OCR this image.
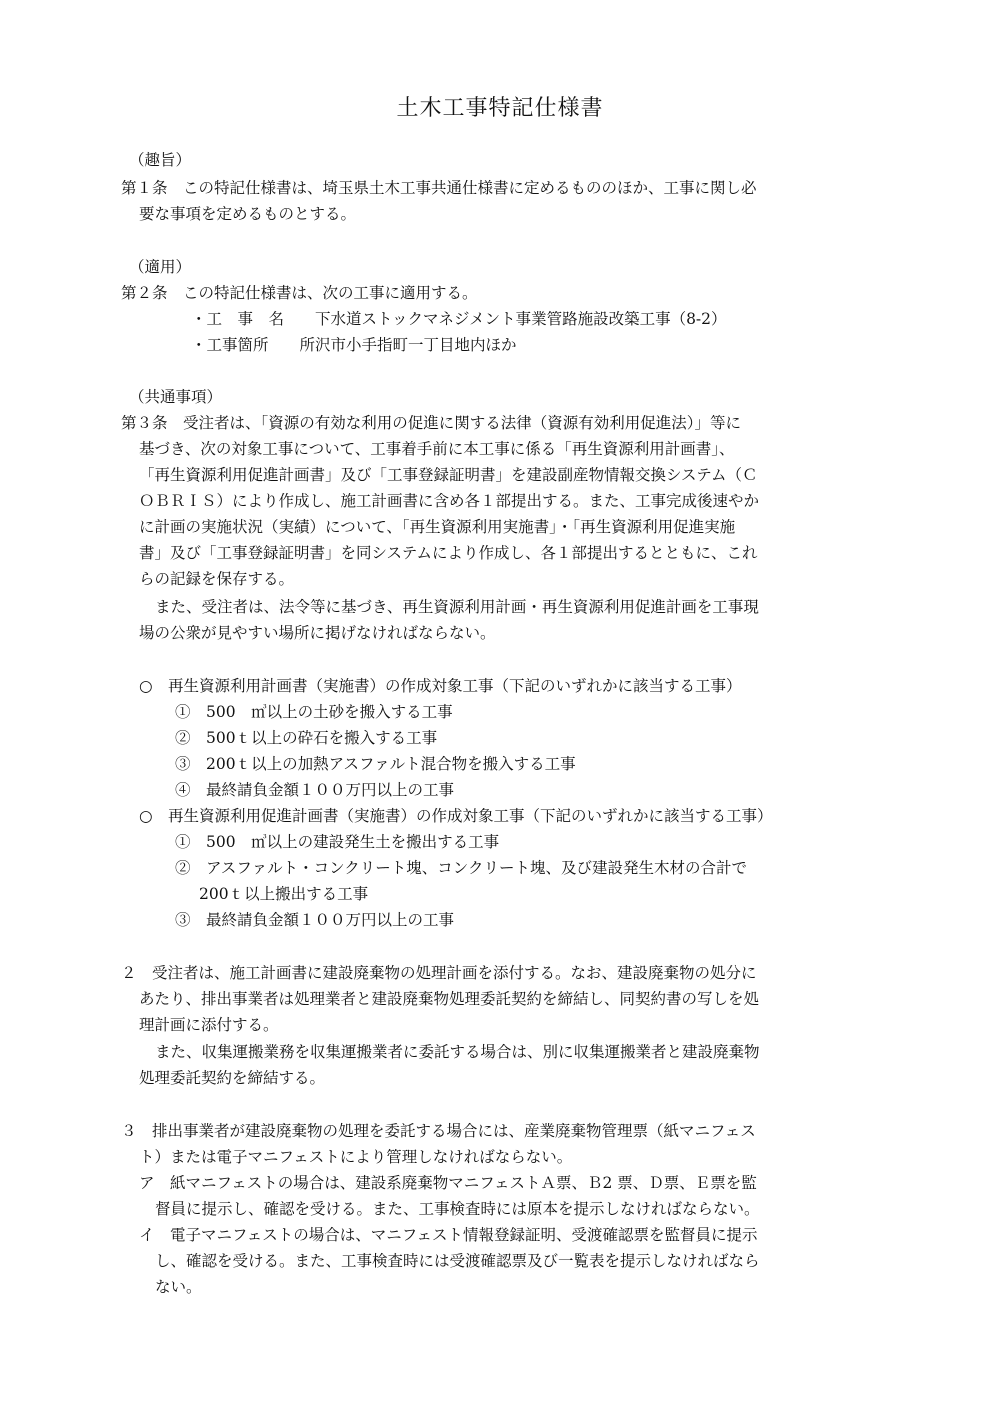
土木工事特記仕様書
（趣旨）
第１条　この特記仕様書は、埼玉県土木工事共通仕様書に定めるもののほか、工事に関し必
要な事項を定めるものとする。
（適用）
第２条　この特記仕様書は、次の工事に適用する。
・工　事　名　　下水道ストックマネジメント事業管路施設改築工事（8-2）
・工事箇所　　所沢市小手指町一丁目地内ほか
（共通事項）
第３条　受注者は、「資源の有効な利用の促進に関する法律（資源有効利用促進法）」等に
基づき、次の対象工事について、工事着手前に本工事に係る「再生資源利用計画書」、
「再生資源利用促進計画書」及び「工事登録証明書」を建設副産物情報交換システム（Ｃ
ＯＢＲＩＳ）により作成し、施工計画書に含め各１部提出する。また、工事完成後速やか
に計画の実施状況（実績）について、「再生資源利用実施書」・「再生資源利用促進実施
書」及び「工事登録証明書」を同システムにより作成し、各１部提出するとともに、これ
らの記録を保存する。
また、受注者は、法令等に基づき、再生資源利用計画・再生資源利用促進計画を工事現
場の公衆が見やすい場所に掲げなければならない。
○　再生資源利用計画書（実施書）の作成対象工事（下記のいずれかに該当する工事）
①　500　㎥以上の土砂を搬入する工事
②　500ｔ以上の砕石を搬入する工事
③　200ｔ以上の加熱アスファルト混合物を搬入する工事
④　最終請負金額１００万円以上の工事
○　再生資源利用促進計画書（実施書）の作成対象工事（下記のいずれかに該当する工事）
①　500　㎥以上の建設発生土を搬出する工事
②　アスファルト・コンクリート塊、コンクリート塊、及び建設発生木材の合計で
200ｔ以上搬出する工事
③　最終請負金額１００万円以上の工事
２　受注者は、施工計画書に建設廃棄物の処理計画を添付する。なお、建設廃棄物の処分に
あたり、排出事業者は処理業者と建設廃棄物処理委託契約を締結し、同契約書の写しを処
理計画に添付する。
また、収集運搬業務を収集運搬業者に委託する場合は、別に収集運搬業者と建設廃棄物
処理委託契約を締結する。
３　排出事業者が建設廃棄物の処理を委託する場合には、産業廃棄物管理票（紙マニフェス
ト）または電子マニフェストにより管理しなければならない。
ア　紙マニフェストの場合は、建設系廃棄物マニフェストＡ票、Ｂ2 票、Ｄ票、Ｅ票を監
督員に提示し、確認を受ける。また、工事検査時には原本を提示しなければならない。
イ　電子マニフェストの場合は、マニフェスト情報登録証明、受渡確認票を監督員に提示
し、確認を受ける。また、工事検査時には受渡確認票及び一覧表を提示しなければなら
ない。
